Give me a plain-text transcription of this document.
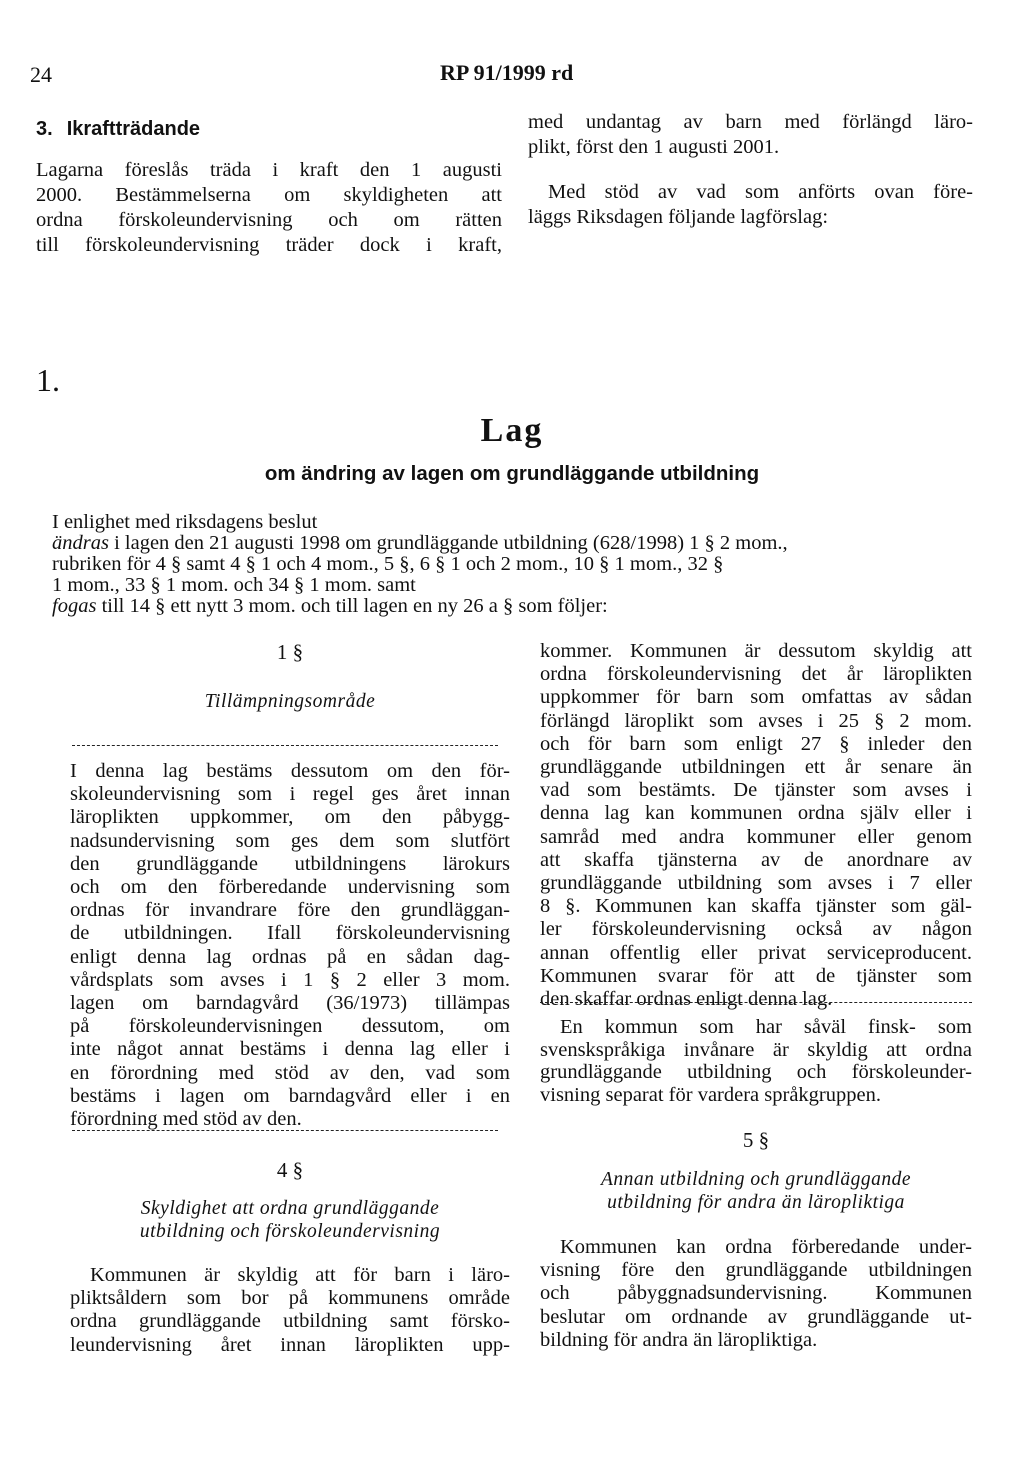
24	RP 91/1999 rd
3. Ikraftträdande
Lagarna föreslås träda i kraft den 1 augusti
2000. Bestämmelserna om skyldigheten att
ordna förskoleundervisning och om rätten
till förskoleundervisning träder dock i kraft,
med undantag av barn med förlängd läro-
plikt, först den 1 augusti 2001.
Med stöd av vad som anförts ovan före-
läggs Riksdagen följande lagförslag:
1.
Lag
om ändring av lagen om grundläggande utbildning
I enlighet med riksdagens beslut
ändras i lagen den 21 augusti 1998 om grundläggande utbildning (628/1998) 1 § 2 mom.,
rubriken för 4 § samt 4 § 1 och 4 mom., 5 §, 6 § 1 och 2 mom., 10 § 1 mom., 32 §
1 mom., 33 § 1 mom. och 34 § 1 mom. samt
fogas till 14 § ett nytt 3 mom. och till lagen en ny 26 a § som följer:
1 §
Tillämpningsområde
I denna lag bestäms dessutom om den för-
skoleundervisning som i regel ges året innan
läroplikten uppkommer, om den påbygg-
nadsundervisning som ges dem som slutfört
den grundläggande utbildningens lärokurs
och om den förberedande undervisning som
ordnas för invandrare före den grundläggan-
de utbildningen. Ifall förskoleundervisning
enligt denna lag ordnas på en sådan dag-
vårdsplats som avses i 1 § 2 eller 3 mom.
lagen om barndagvård (36/1973) tillämpas
på förskoleundervisningen dessutom, om
inte något annat bestäms i denna lag eller i
en förordning med stöd av den, vad som
bestäms i lagen om barndagvård eller i en
förordning med stöd av den.
4 §
Skyldighet att ordna grundläggande
utbildning och förskoleundervisning
Kommunen är skyldig att för barn i läro-
pliktsåldern som bor på kommunens område
ordna grundläggande utbildning samt försko-
leundervisning året innan läroplikten upp-
kommer. Kommunen är dessutom skyldig att
ordna förskoleundervisning det år läroplikten
uppkommer för barn som omfattas av sådan
förlängd läroplikt som avses i 25 § 2 mom.
och för barn som enligt 27 § inleder den
grundläggande utbildningen ett år senare än
vad som bestämts. De tjänster som avses i
denna lag kan kommunen ordna själv eller i
samråd med andra kommuner eller genom
att skaffa tjänsterna av de anordnare av
grundläggande utbildning som avses i 7 eller
8 §. Kommunen kan skaffa tjänster som gäl-
ler förskoleundervisning också av någon
annan offentlig eller privat serviceproducent.
Kommunen svarar för att de tjänster som
den skaffar ordnas enligt denna lag.
En kommun som har såväl finsk- som
svenskspråkiga invånare är skyldig att ordna
grundläggande utbildning och förskoleunder-
visning separat för vardera språkgruppen.
5 §
Annan utbildning och grundläggande
utbildning för andra än läropliktiga
Kommunen kan ordna förberedande under-
visning före den grundläggande utbildningen
och påbyggnadsundervisning. Kommunen
beslutar om ordnande av grundläggande ut-
bildning för andra än läropliktiga.
